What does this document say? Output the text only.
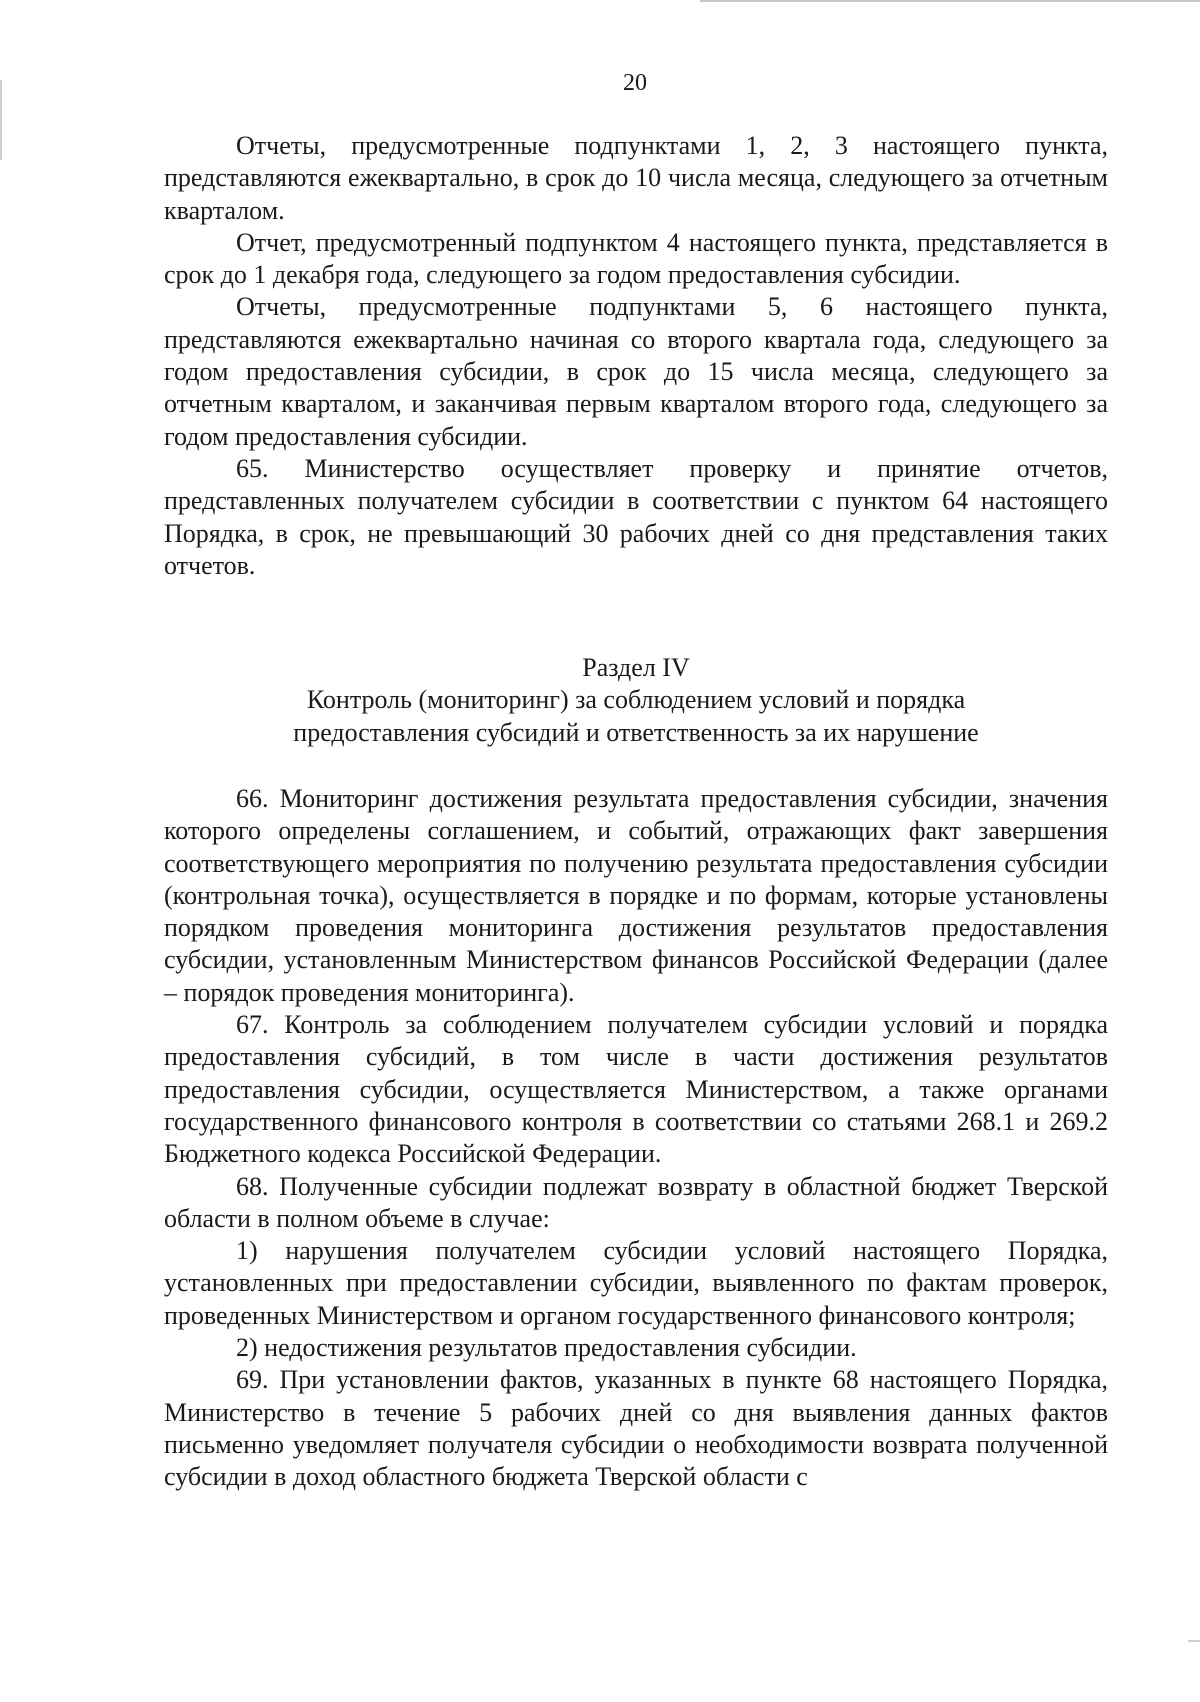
20

Отчеты, предусмотренные подпунктами 1, 2, 3 настоящего пункта, представляются ежеквартально, в срок до 10 числа месяца, следующего за отчетным кварталом.

Отчет, предусмотренный подпунктом 4 настоящего пункта, представляется в срок до 1 декабря года, следующего за годом предоставления субсидии.

Отчеты, предусмотренные подпунктами 5, 6 настоящего пункта, представляются ежеквартально начиная со второго квартала года, следующего за годом предоставления субсидии, в срок до 15 числа месяца, следующего за отчетным кварталом, и заканчивая первым кварталом второго года, следующего за годом предоставления субсидии.

65. Министерство осуществляет проверку и принятие отчетов, представленных получателем субсидии в соответствии с пунктом 64 настоящего Порядка, в срок, не превышающий 30 рабочих дней со дня представления таких отчетов.

Раздел IV
Контроль (мониторинг) за соблюдением условий и порядка
предоставления субсидий и ответственность за их нарушение

66. Мониторинг достижения результата предоставления субсидии, значения которого определены соглашением, и событий, отражающих факт завершения соответствующего мероприятия по получению результата предоставления субсидии (контрольная точка), осуществляется в порядке и по формам, которые установлены порядком проведения мониторинга достижения результатов предоставления субсидии, установленным Министерством финансов Российской Федерации (далее – порядок проведения мониторинга).

67. Контроль за соблюдением получателем субсидии условий и порядка предоставления субсидий, в том числе в части достижения результатов предоставления субсидии, осуществляется Министерством, а также органами государственного финансового контроля в соответствии со статьями 268.1 и 269.2 Бюджетного кодекса Российской Федерации.

68. Полученные субсидии подлежат возврату в областной бюджет Тверской области в полном объеме в случае:

1) нарушения получателем субсидии условий настоящего Порядка, установленных при предоставлении субсидии, выявленного по фактам проверок, проведенных Министерством и органом государственного финансового контроля;

2) недостижения результатов предоставления субсидии.

69. При установлении фактов, указанных в пункте 68 настоящего Порядка, Министерство в течение 5 рабочих дней со дня выявления данных фактов письменно уведомляет получателя субсидии о необходимости возврата полученной субсидии в доход областного бюджета Тверской области с
